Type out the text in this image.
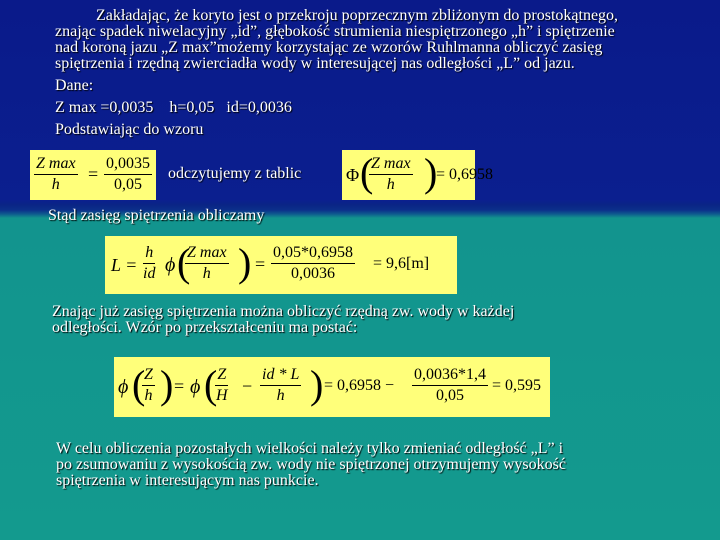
Zakładając, że koryto jest o przekroju poprzecznym zbliżonym do prostokątnego,
znając spadek niwelacyjny „id”, głębokość strumienia niespiętrzonego „h” i spiętrzenie
nad koroną jazu „Z max”możemy korzystając ze wzorów Ruhlmanna obliczyć zasięg
spiętrzenia i rzędną zwierciadła wody w interesującej nas odległości „L” od jazu.
Dane:
Z max =0,0035    h=0,05   id=0,0036
Podstawiając do wzoru
Z max
h
= $\frac{0,0035}{0,05}$ odczytujemy z tablic Φ (
Z max
h )
= 0,6958
Stąd zasięg spiętrzenia obliczamy
$L = \frac{h}{id}$ ϕ (
Z max
h ) = $\frac{0,05*0,6958}{0,0036} = 9,6[m]$
Znając już zasięg spiętrzenia można obliczyć rzędną zw. wody w każdej
odległości. Wzór po przekształceniu ma postać:
ϕ (
$\frac{Z}{h}$ ) = ϕ (
$\frac{Z}{H} - \frac{id * L}{h}$ ) = $0,6958 - \frac{0,0036*1,4}{0,05} = 0,595$
W celu obliczenia pozostałych wielkości należy tylko zmieniać odległość „L” i
po zsumowaniu z wysokością zw. wody nie spiętrzonej otrzymujemy wysokość
spiętrzenia w interesującym nas punkcie.
